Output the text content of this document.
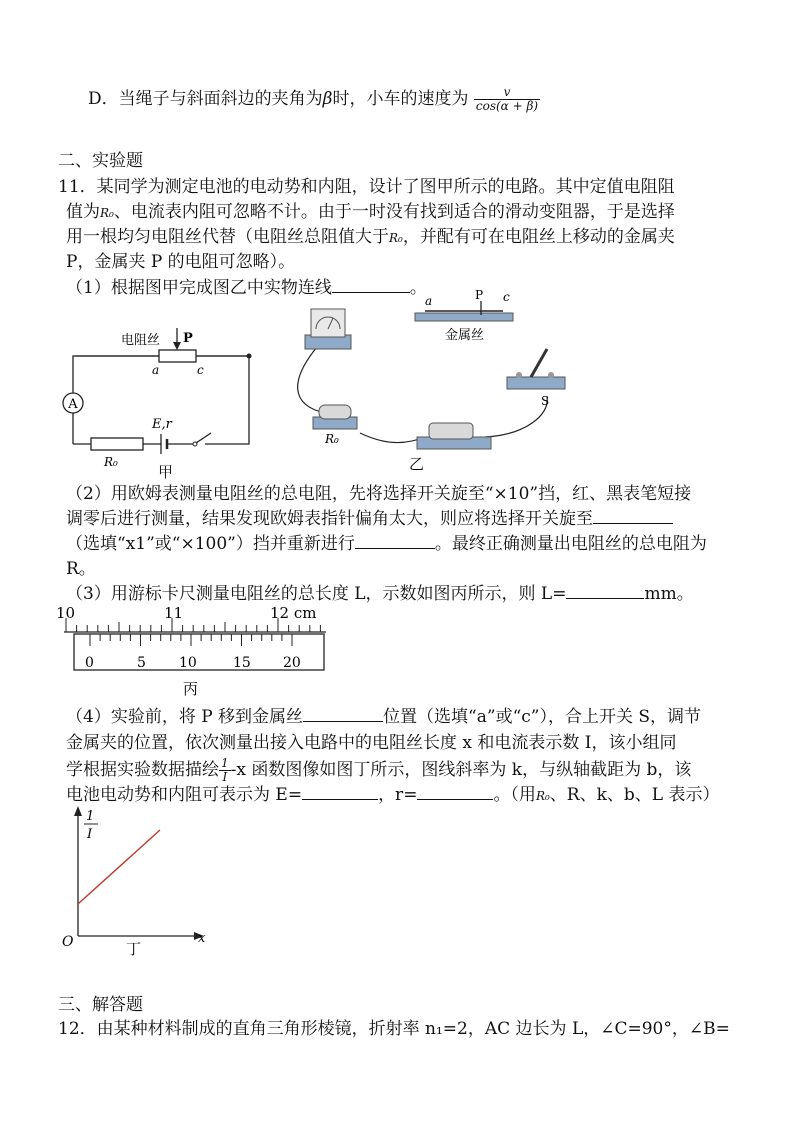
D．当绳子与斜面斜边的夹角为β时，小车的速度为 $\frac{v}{\cos(\alpha + \beta)}$
二、实验题
11．某同学为测定电池的电动势和内阻，设计了图甲所示的电路。其中定值电阻阻
值为R₀、电流表内阻可忽略不计。由于一时没有找到适合的滑动变阻器，于是选择
用一根均匀电阻丝代替（电阻丝总阻值大于R₀，并配有可在电阻丝上移动的金属夹
P，金属夹 P 的电阻可忽略）。
（1）根据图甲完成图乙中实物连线	。
A
电阻丝 P
a	c
E,r
R₀
甲
a	P c
金属丝
S
R₀
乙
（2）用欧姆表测量电阻丝的总电阻，先将选择开关旋至“×10”挡，红、黑表笔短接
调零后进行测量，结果发现欧姆表指针偏角太大，则应将选择开关旋至
（选填“x1”或“×100”）挡并重新进行	。最终正确测量出电阻丝的总电阻为
R。
（3）用游标卡尺测量电阻丝的总长度 L，示数如图丙所示，则 L=	mm。
10	11	12 cm
0	5 10	15 20
丙
（4）实验前，将 P 移到金属丝	位置（选填“a”或“c”），合上开关 S，调节
金属夹的位置，依次测量出接入电路中的电阻丝长度 x 和电流表示数 I，该小组同
学根据实验数据描绘 $\frac{1}{I} -x$ 函数图像如图丁所示，图线斜率为 k，与纵轴截距为 b，该
电池电动势和内阻可表示为 E=	，r=	。（用R₀、R、k、b、L 表示）
1
I
x
O	丁
三、解答题
12．由某种材料制成的直角三角形棱镜，折射率 n₁=2，AC 边长为 L，∠C=90°，∠B=
